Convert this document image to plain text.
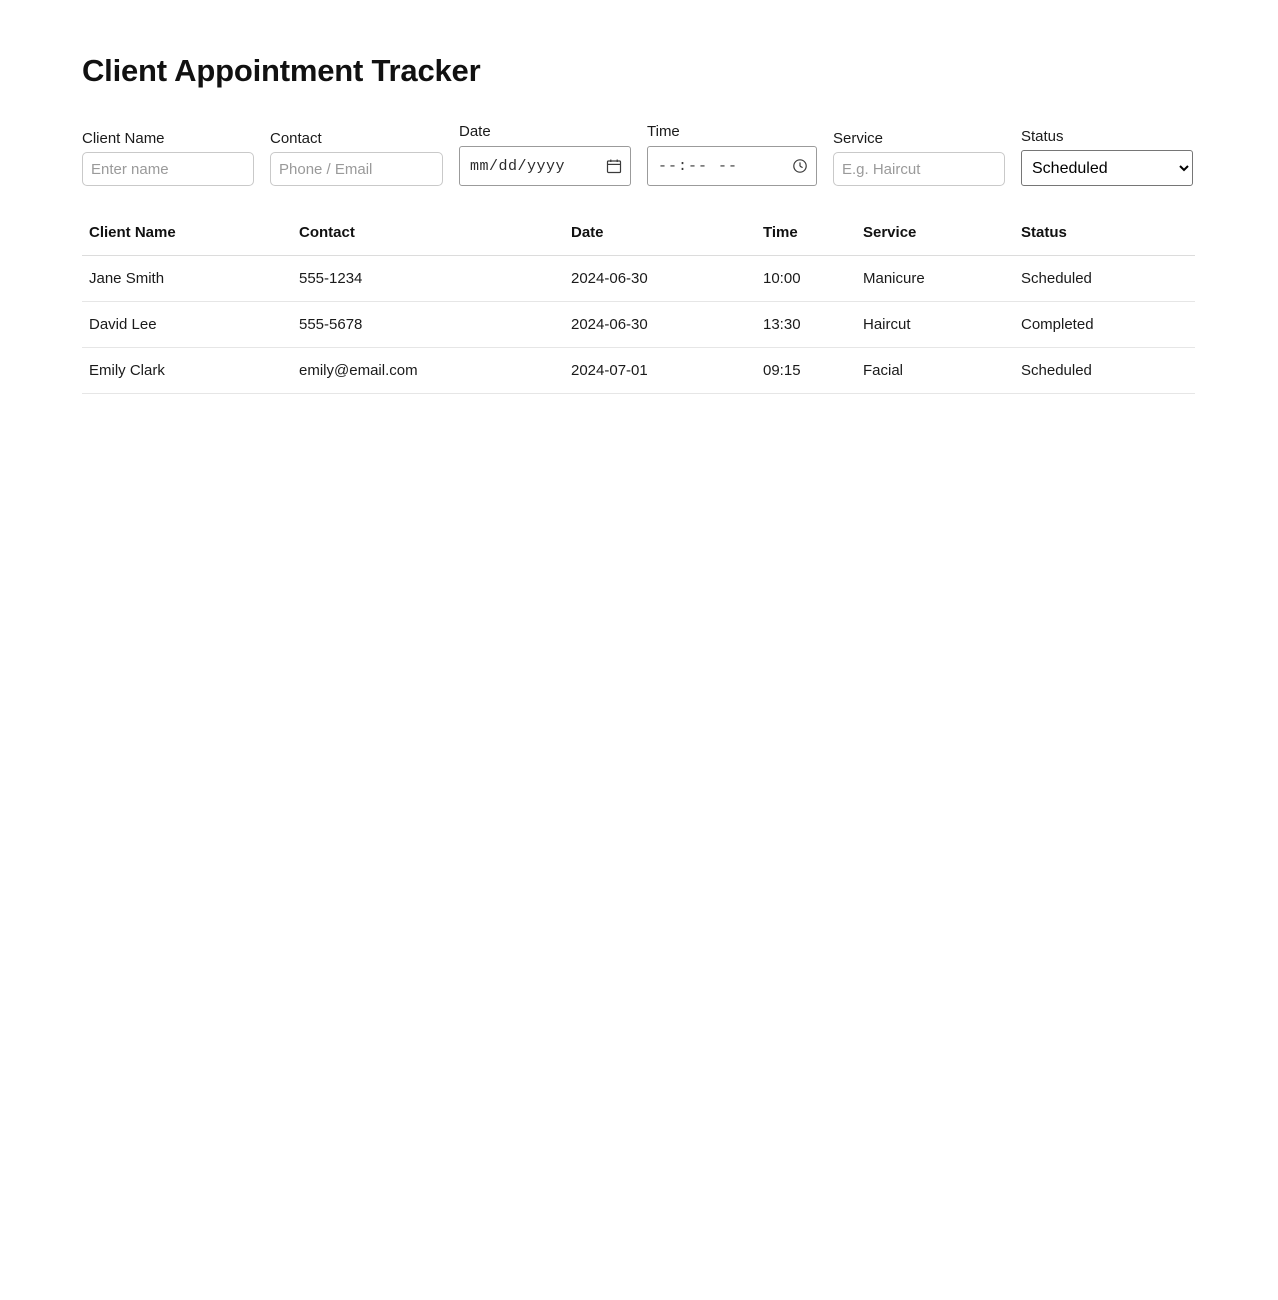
Client Appointment Tracker
Client Name
Enter name	Contact
Phone / Email	Date
mm/dd/yyyy
Time
--:-- --
Service
E.g. Haircut	Status
Scheduled
Client Name	Contact	Date	Time	Service	Status
Jane Smith	555-1234	2024-06-30	10:00	Manicure	Scheduled
David Lee	555-5678	2024-06-30	13:30	Haircut	Completed
Emily Clark	emily@email.com	2024-07-01	09:15	Facial	Scheduled
